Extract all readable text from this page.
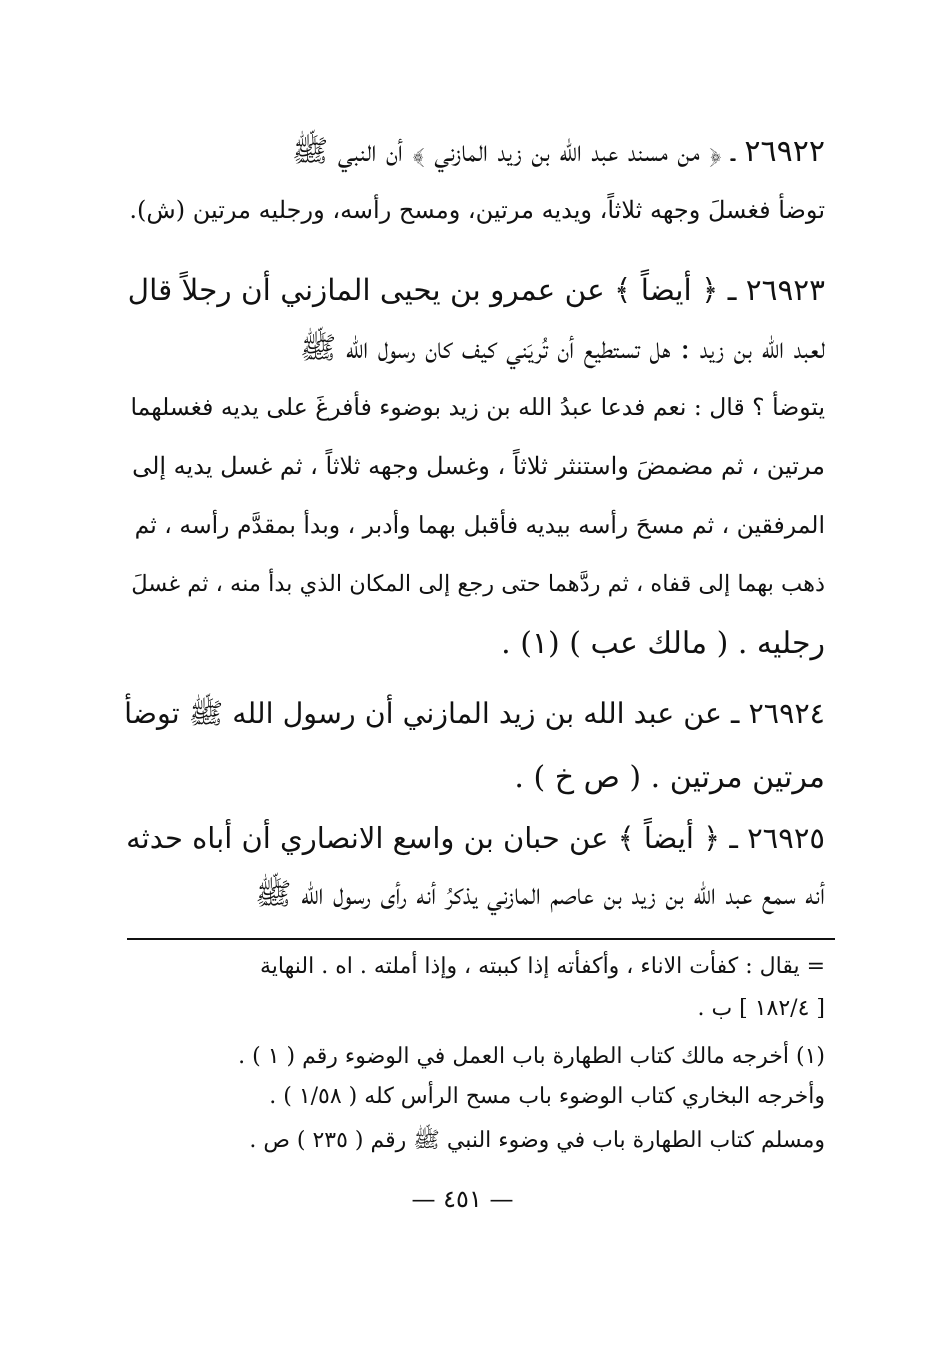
٢٦٩٢٢ ـ ﴿ من مسند عبد الله بن زيد المازني ﴾ أن النبي ﷺ
توضأ فغسلَ وجهه ثلاثاً، ويديه مرتين، ومسح رأسه، ورجليه مرتين (ش).
٢٦٩٢٣ ـ ﴿ أيضاً ﴾ عن عمرو بن يحيى المازني أن رجلاً قال
لعبد الله بن زيد : هل تستطيع أن تُريَني كيف كان رسول الله ﷺ
يتوضأ ؟ قال : نعم فدعا عبدُ الله بن زيد بوضوء فأفرغَ على يديه فغسلهما
مرتين ، ثم مضمضَ واستنثر ثلاثاً ، وغسل وجهه ثلاثاً ، ثم غسل يديه إلى
المرفقين ، ثم مسحَ رأسه بيديه فأقبل بهما وأدبر ، وبدأ بمقدَّم رأسه ، ثم
ذهب بهما إلى قفاه ، ثم ردَّهما حتى رجع إلى المكان الذي بدأ منه ، ثم غسلَ
رجليه . ( مالك عب ) (١) .
٢٦٩٢٤ ـ عن عبد الله بن زيد المازني أن رسول الله ﷺ توضأ
مرتين مرتين . ( ص خ ) .
٢٦٩٢٥ ـ ﴿ أيضاً ﴾ عن حبان بن واسع الانصاري أن أباه حدثه
أنه سمع عبد الله بن زيد بن عاصم المازني يذكرُ أنه رأى رسول الله ﷺ
= يقال : كفأت الاناء ، وأكفأته إذا كببته ، وإذا أملته . اه . النهاية
[ ١٨٢/٤ ] ب .
(١) أخرجه مالك كتاب الطهارة باب العمل في الوضوء رقم ( ١ ) .
وأخرجه البخاري كتاب الوضوء باب مسح الرأس كله ( ١/٥٨ ) .
ومسلم كتاب الطهارة باب في وضوء النبي ﷺ رقم ( ٢٣٥ ) ص .
— ٤٥١ —
